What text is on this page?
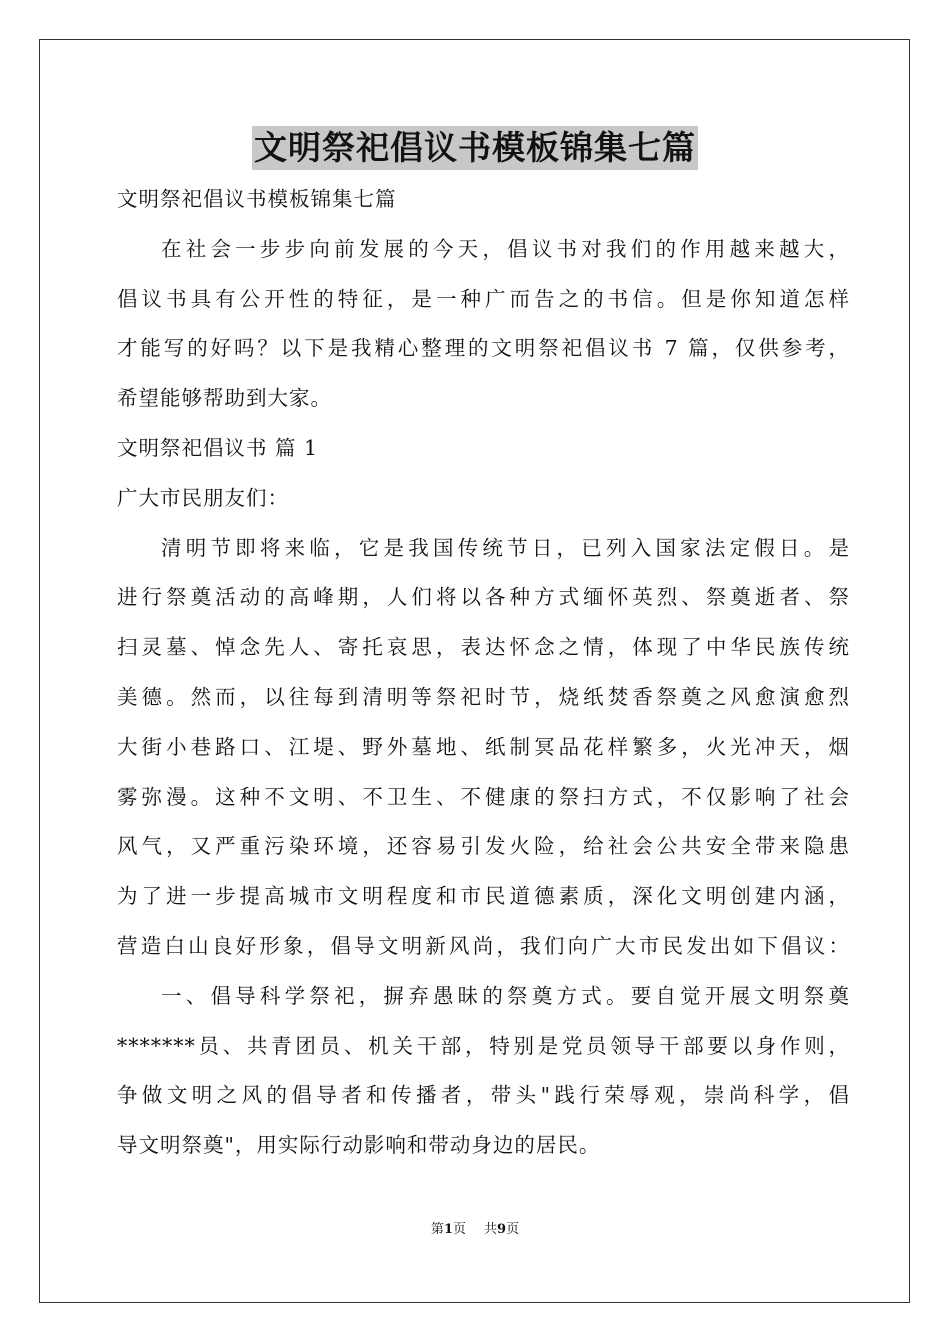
文明祭祀倡议书模板锦集七篇
文明祭祀倡议书模板锦集七篇
在社会一步步向前发展的今天，倡议书对我们的作用越来越大，
倡议书具有公开性的特征，是一种广而告之的书信。但是你知道怎样
才能写的好吗？以下是我精心整理的文明祭祀倡议书 7 篇，仅供参考，
希望能够帮助到大家。
文明祭祀倡议书 篇 1
广大市民朋友们：
清明节即将来临，它是我国传统节日，已列入国家法定假日。是
进行祭奠活动的高峰期，人们将以各种方式缅怀英烈、祭奠逝者、祭
扫灵墓、悼念先人、寄托哀思，表达怀念之情，体现了中华民族传统
美德。然而，以往每到清明等祭祀时节，烧纸焚香祭奠之风愈演愈烈
大街小巷路口、江堤、野外墓地、纸制冥品花样繁多，火光冲天，烟
雾弥漫。这种不文明、不卫生、不健康的祭扫方式，不仅影响了社会
风气，又严重污染环境，还容易引发火险，给社会公共安全带来隐患
为了进一步提高城市文明程度和市民道德素质，深化文明创建内涵，
营造白山良好形象，倡导文明新风尚，我们向广大市民发出如下倡议：
一、倡导科学祭祀，摒弃愚昧的祭奠方式。要自觉开展文明祭奠
*******员、共青团员、机关干部，特别是党员领导干部要以身作则，
争做文明之风的倡导者和传播者，带头"践行荣辱观，崇尚科学，倡
导文明祭奠"，用实际行动影响和带动身边的居民。
第1页 共9页
